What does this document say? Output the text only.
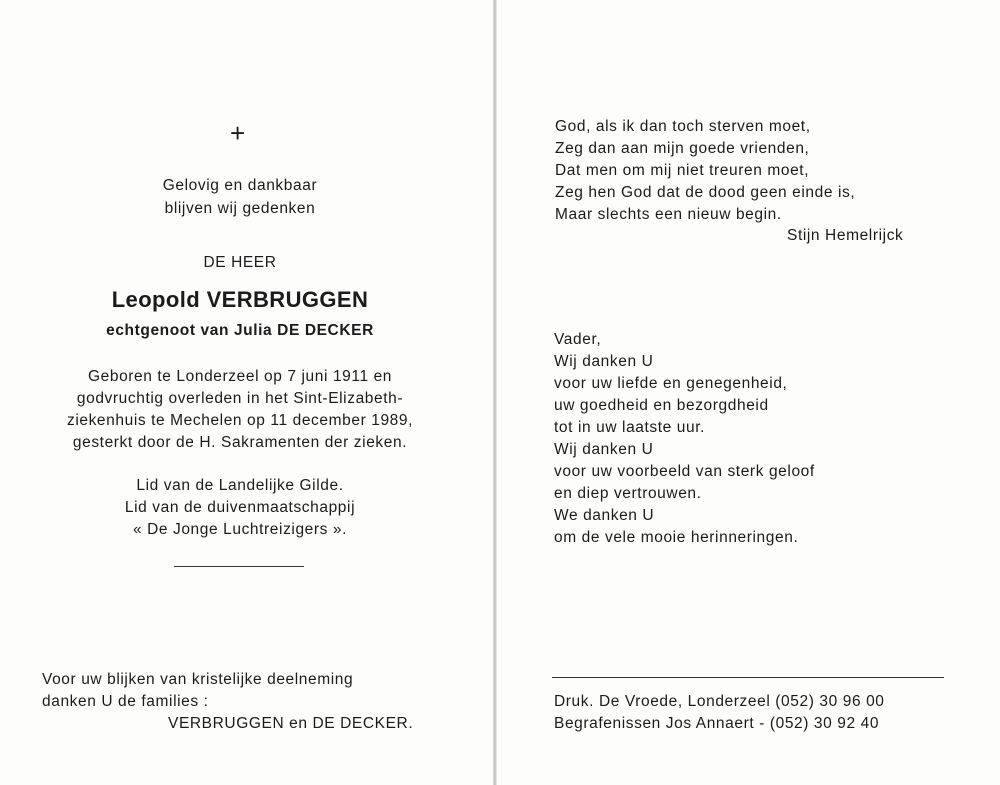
+
Gelovig en dankbaar
blijven wij gedenken
DE HEER
Leopold VERBRUGGEN
echtgenoot van Julia DE DECKER
Geboren te Londerzeel op 7 juni 1911 en
godvruchtig overleden in het Sint-Elizabeth-
ziekenhuis te Mechelen op 11 december 1989,
gesterkt door de H. Sakramenten der zieken.
Lid van de Landelijke Gilde.
Lid van de duivenmaatschappij
« De Jonge Luchtreizigers ».
Voor uw blijken van kristelijke deelneming
danken U de families :
VERBRUGGEN en DE DECKER.
God, als ik dan toch sterven moet,
Zeg dan aan mijn goede vrienden,
Dat men om mij niet treuren moet,
Zeg hen God dat de dood geen einde is,
Maar slechts een nieuw begin.
Stijn Hemelrijck
Vader,
Wij danken U
voor uw liefde en genegenheid,
uw goedheid en bezorgdheid
tot in uw laatste uur.
Wij danken U
voor uw voorbeeld van sterk geloof
en diep vertrouwen.
We danken U
om de vele mooie herinneringen.
Druk. De Vroede, Londerzeel (052) 30 96 00
Begrafenissen Jos Annaert - (052) 30 92 40
